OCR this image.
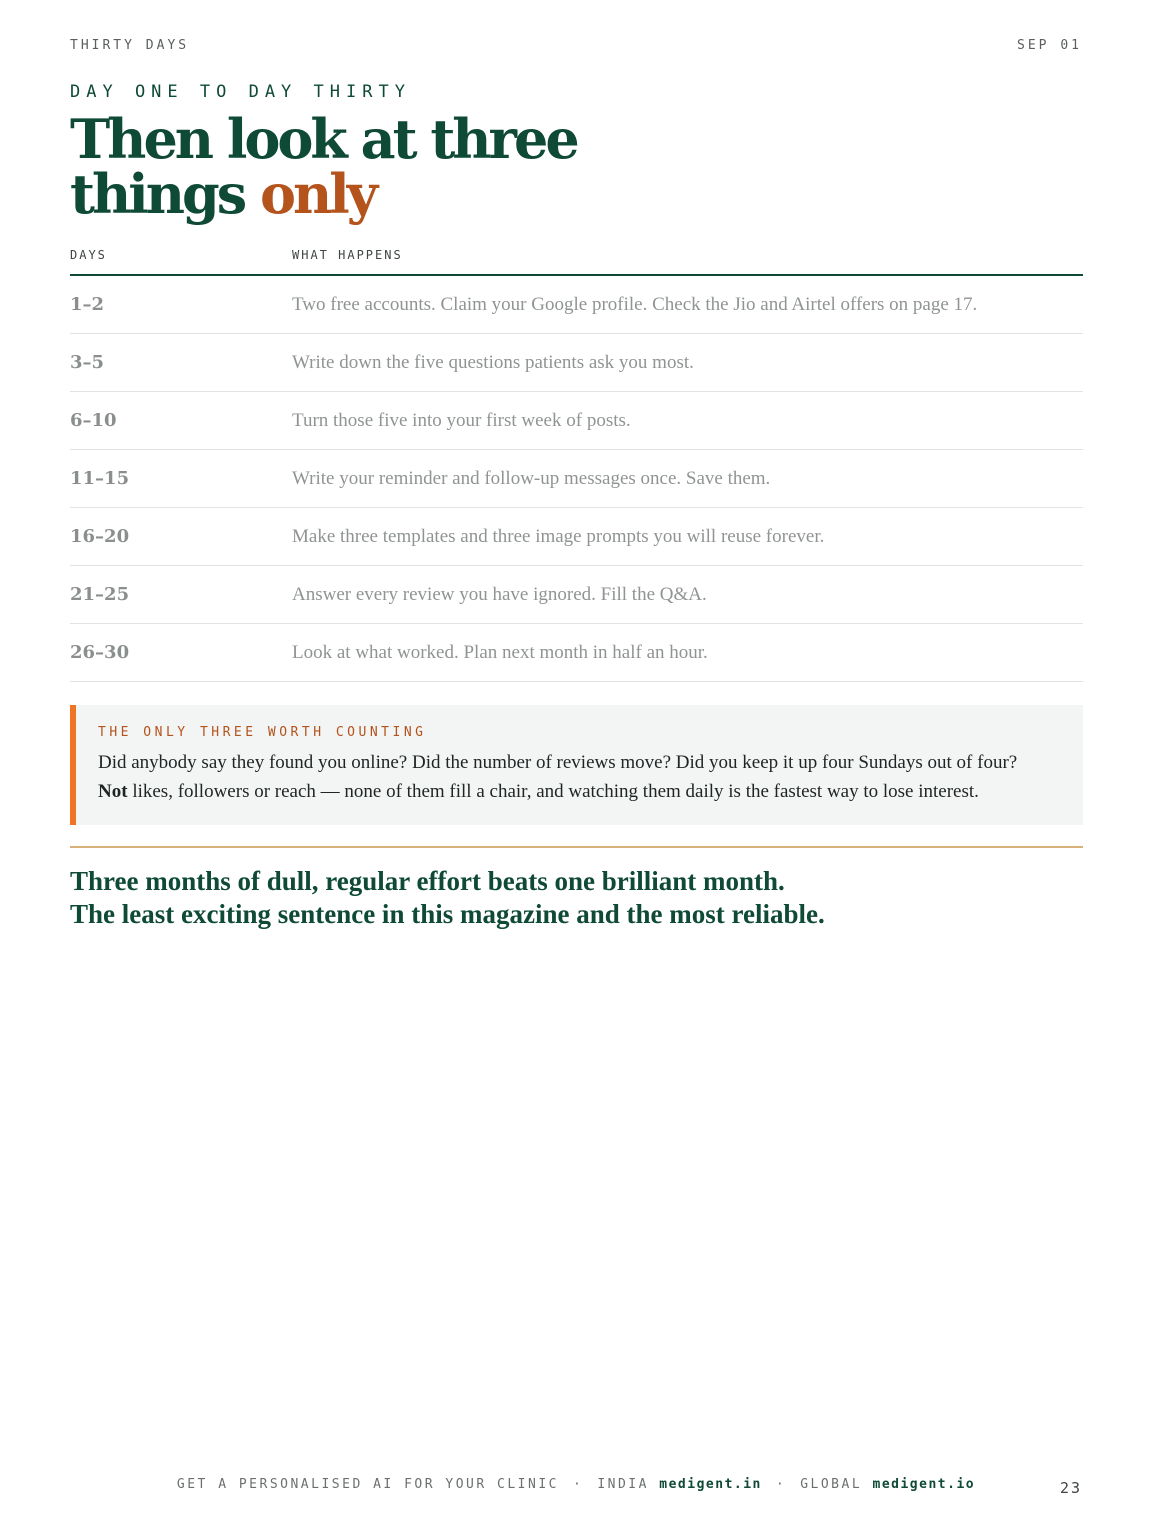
THIRTY DAYS	SEP 01
DAY ONE TO DAY THIRTY
Then look at three
things only
DAYS	WHAT HAPPENS
1–2	Two free accounts. Claim your Google profile. Check the Jio and Airtel offers on page 17.
3–5	Write down the five questions patients ask you most.
6–10	Turn those five into your first week of posts.
11–15	Write your reminder and follow-up messages once. Save them.
16–20	Make three templates and three image prompts you will reuse forever.
21–25	Answer every review you have ignored. Fill the Q&A.
26–30	Look at what worked. Plan next month in half an hour.
THE ONLY THREE WORTH COUNTING
Did anybody say they found you online? Did the number of reviews move? Did you keep it up four Sundays out of four?
Not likes, followers or reach — none of them fill a chair, and watching them daily is the fastest way to lose interest.
Three months of dull, regular effort beats one brilliant month.
The least exciting sentence in this magazine and the most reliable.
GET A PERSONALISED AI FOR YOUR CLINIC · INDIA medigent.in · GLOBAL medigent.io	23
